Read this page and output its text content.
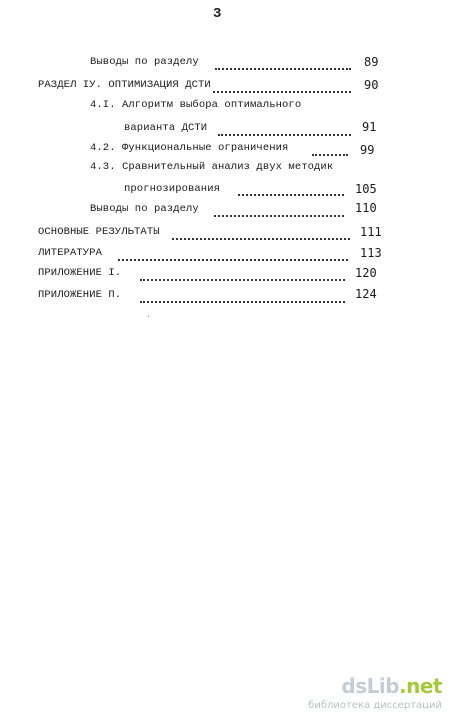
3
Выводы по разделу	89
РАЗДЕЛ ІУ. ОПТИМИЗАЦИЯ ДСТИ	90
4.І. Алгоритм выбора оптимального
варианта ДСТИ	91
4.2. Функциональные ограничения	99
4.3. Сравнительный анализ двух методик
прогнозирования	105
Выводы по разделу	110
ОСНОВНЫЕ РЕЗУЛЬТАТЫ	111
ЛИТЕРАТУРА	113
ПРИЛОЖЕНИЕ І.	120
ПРИЛОЖЕНИЕ П.	124
dsLib.net
библиотека диссертаций
